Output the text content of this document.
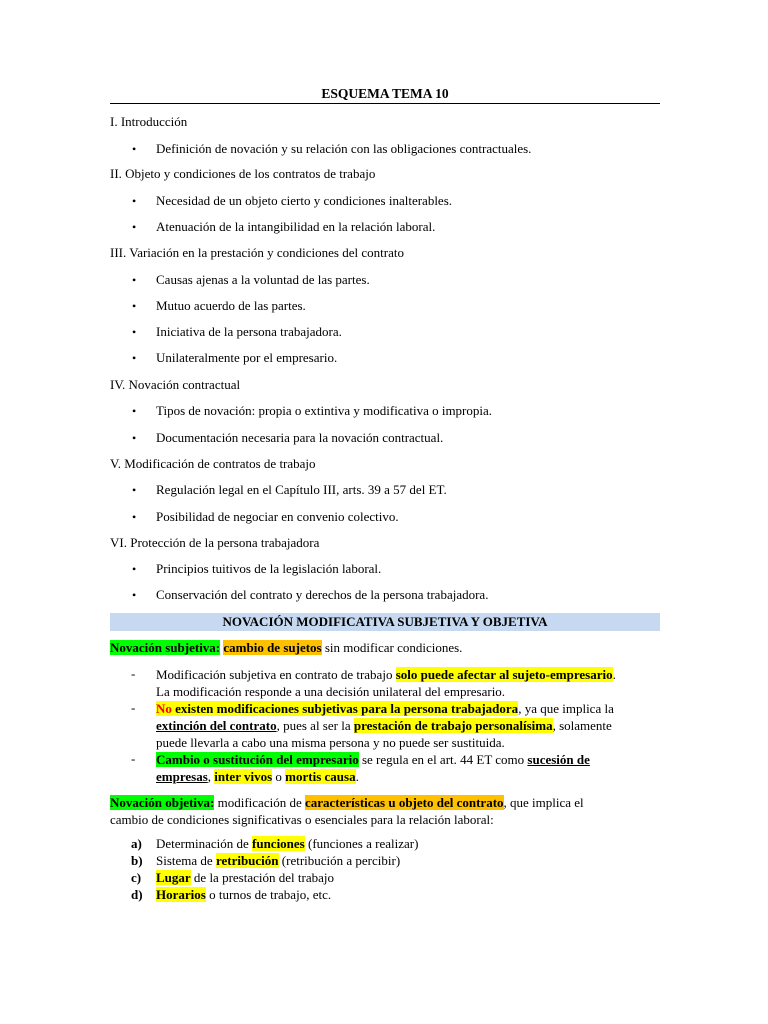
ESQUEMA TEMA 10
I. Introducción
• Definición de novación y su relación con las obligaciones contractuales.
II. Objeto y condiciones de los contratos de trabajo
• Necesidad de un objeto cierto y condiciones inalterables.
• Atenuación de la intangibilidad en la relación laboral.
III. Variación en la prestación y condiciones del contrato
• Causas ajenas a la voluntad de las partes.
• Mutuo acuerdo de las partes.
• Iniciativa de la persona trabajadora.
• Unilateralmente por el empresario.
IV. Novación contractual
• Tipos de novación: propia o extintiva y modificativa o impropia.
• Documentación necesaria para la novación contractual.
V. Modificación de contratos de trabajo
• Regulación legal en el Capítulo III, arts. 39 a 57 del ET.
• Posibilidad de negociar en convenio colectivo.
VI. Protección de la persona trabajadora
• Principios tuitivos de la legislación laboral.
• Conservación del contrato y derechos de la persona trabajadora.
NOVACIÓN MODIFICATIVA SUBJETIVA Y OBJETIVA
Novación subjetiva: cambio de sujetos sin modificar condiciones.
- Modificación subjetiva en contrato de trabajo solo puede afectar al sujeto-empresario.
La modificación responde a una decisión unilateral del empresario.
- No existen modificaciones subjetivas para la persona trabajadora, ya que implica la
extinción del contrato, pues al ser la prestación de trabajo personalísima, solamente
puede llevarla a cabo una misma persona y no puede ser sustituida.
- Cambio o sustitución del empresario se regula en el art. 44 ET como sucesión de
empresas, inter vivos o mortis causa.
Novación objetiva: modificación de características u objeto del contrato, que implica el
cambio de condiciones significativas o esenciales para la relación laboral:
a) Determinación de funciones (funciones a realizar)
b) Sistema de retribución (retribución a percibir)
c) Lugar de la prestación del trabajo
d) Horarios o turnos de trabajo, etc.
